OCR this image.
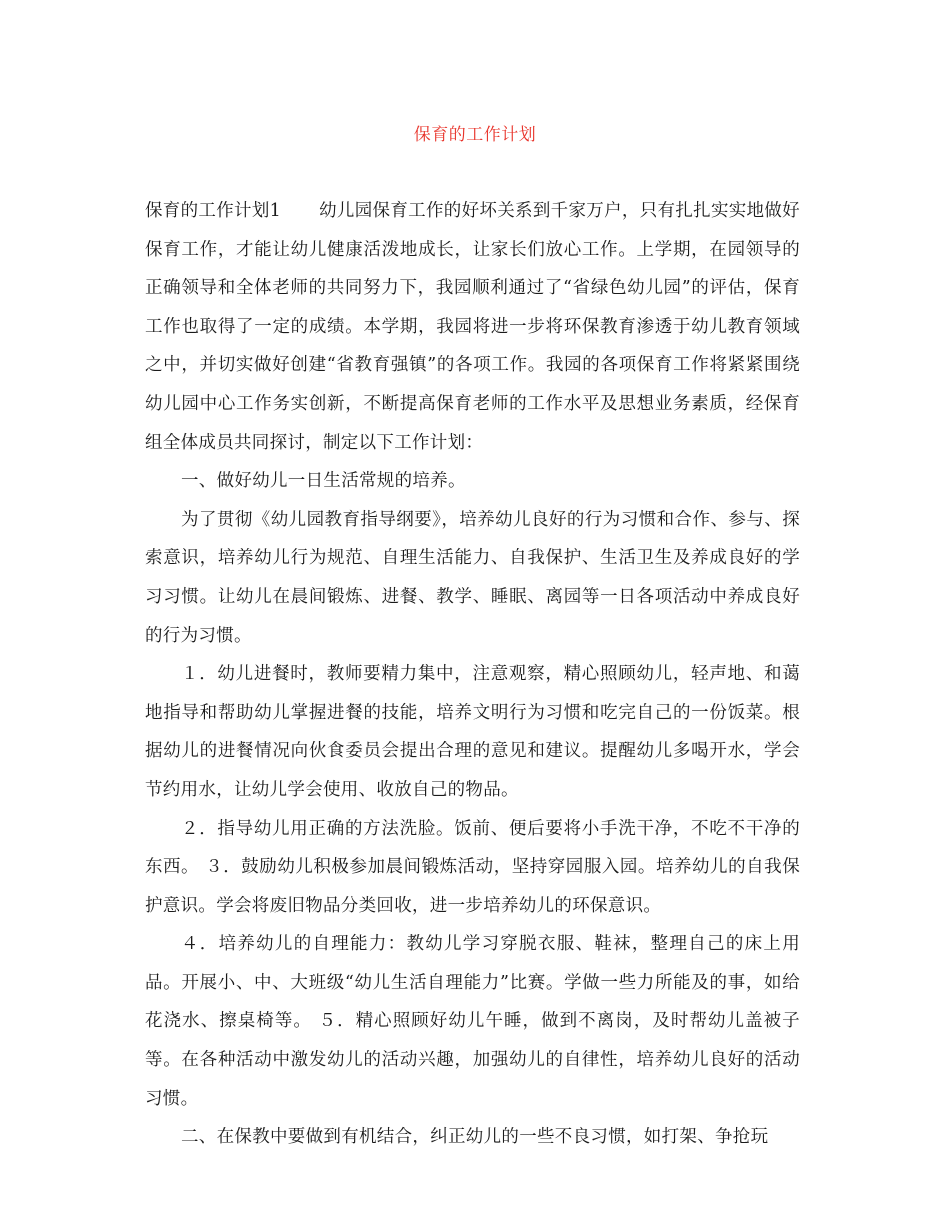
保育的工作计划

保育的工作计划1 幼儿园保育工作的好坏关系到千家万户，只有扎扎实实地做好保育工作，才能让幼儿健康活泼地成长，让家长们放心工作。上学期，在园领导的正确领导和全体老师的共同努力下，我园顺利通过了“省绿色幼儿园”的评估，保育工作也取得了一定的成绩。本学期，我园将进一步将环保教育渗透于幼儿教育领域之中，并切实做好创建“省教育强镇”的各项工作。我园的各项保育工作将紧紧围绕幼儿园中心工作务实创新，不断提高保育老师的工作水平及思想业务素质，经保育组全体成员共同探讨，制定以下工作计划：

一、做好幼儿一日生活常规的培养。

为了贯彻《幼儿园教育指导纲要》，培养幼儿良好的行为习惯和合作、参与、探索意识，培养幼儿行为规范、自理生活能力、自我保护、生活卫生及养成良好的学习习惯。让幼儿在晨间锻炼、进餐、教学、睡眠、离园等一日各项活动中养成良好的行为习惯。

１．幼儿进餐时，教师要精力集中，注意观察，精心照顾幼儿，轻声地、和蔼地指导和帮助幼儿掌握进餐的技能，培养文明行为习惯和吃完自己的一份饭菜。根据幼儿的进餐情况向伙食委员会提出合理的意见和建议。提醒幼儿多喝开水，学会节约用水，让幼儿学会使用、收放自己的物品。

２．指导幼儿用正确的方法洗脸。饭前、便后要将小手洗干净，不吃不干净的东西。 ３．鼓励幼儿积极参加晨间锻炼活动，坚持穿园服入园。培养幼儿的自我保护意识。学会将废旧物品分类回收，进一步培养幼儿的环保意识。

４．培养幼儿的自理能力：教幼儿学习穿脱衣服、鞋袜，整理自己的床上用品。开展小、中、大班级“幼儿生活自理能力”比赛。学做一些力所能及的事，如给花浇水、擦桌椅等。 ５．精心照顾好幼儿午睡，做到不离岗，及时帮幼儿盖被子等。在各种活动中激发幼儿的活动兴趣，加强幼儿的自律性，培养幼儿良好的活动习惯。

二、在保教中要做到有机结合，纠正幼儿的一些不良习惯，如打架、争抢玩
